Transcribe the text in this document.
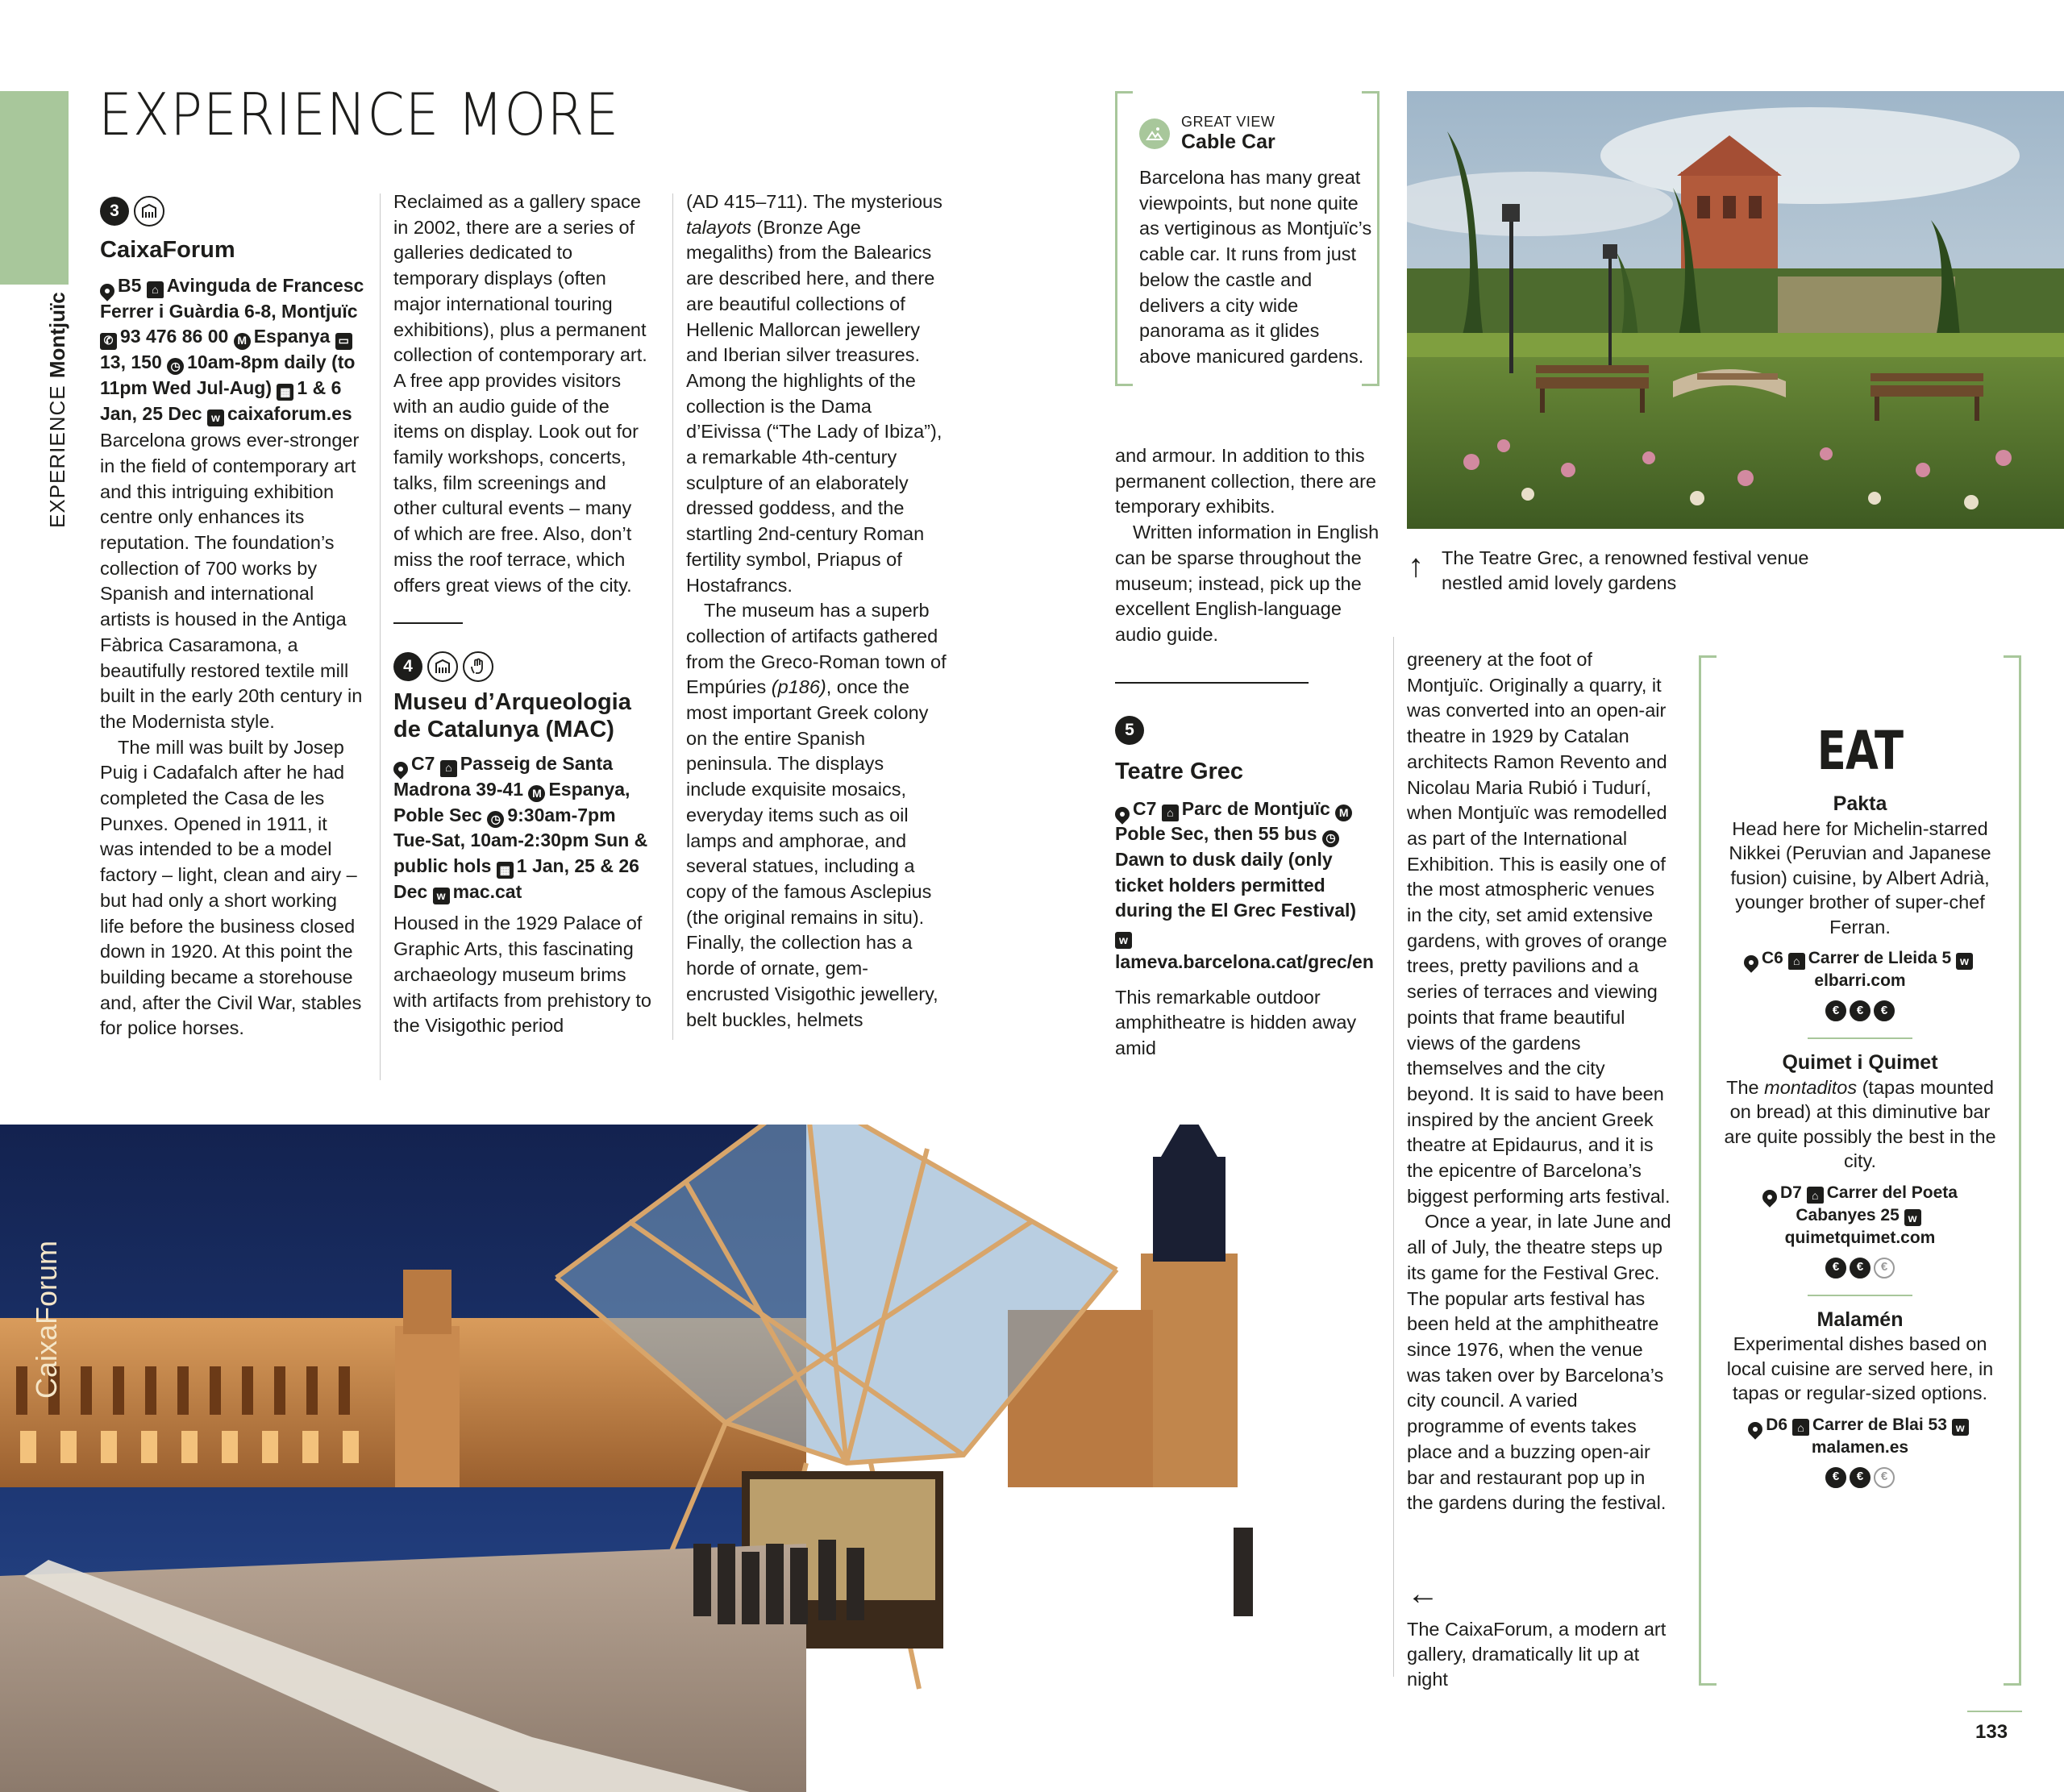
EXPERIENCE Montjuïc
EXPERIENCE MORE
3
CaixaForum
B5 ⌂ Avinguda de Francesc Ferrer i Guàrdia 6-8, Montjuïc ✆ 93 476 86 00 M Espanya ▭13, 150 ◷ 10am-8pm daily (to 11pm Wed Jul-Aug) ▦ 1 & 6 Jan, 25 Dec w caixaforum.es

Barcelona grows ever-stronger in the field of contemporary art and this intriguing exhibition centre only enhances its reputation. The foundation’s collection of 700 works by Spanish and international artists is housed in the Antiga Fàbrica Casaramona, a beautifully restored textile mill built in the early 20th century in the Modernista style.

The mill was built by Josep Puig i Cadafalch after he had completed the Casa de les Punxes. Opened in 1911, it was intended to be a model factory – light, clean and airy – but had only a short working life before the business closed down in 1920. At this point the building became a storehouse and, after the Civil War, stables for police horses.

Reclaimed as a gallery space in 2002, there are a series of galleries dedicated to temporary displays (often major international touring exhibitions), plus a permanent collection of contemporary art. A free app provides visitors with an audio guide of the items on display. Look out for family workshops, concerts, talks, film screenings and other cultural events – many of which are free. Also, don’t miss the roof terrace, which offers great views of the city.

4
Museu d’Arqueologia de Catalunya (MAC)
C7 ⌂ Passeig de Santa Madrona 39-41 M Espanya, Poble Sec ◷ 9:30am-7pm Tue-Sat, 10am-2:30pm Sun & public hols ▦ 1 Jan, 25 & 26 Dec w mac.cat

Housed in the 1929 Palace of Graphic Arts, this fascinating archaeology museum brims with artifacts from prehistory to the Visigothic period

(AD 415–711). The mysterious talayots (Bronze Age megaliths) from the Balearics are described here, and there are beautiful collections of Hellenic Mallorcan jewellery and Iberian silver treasures. Among the highlights of the collection is the Dama d’Eivissa (“The Lady of Ibiza”), a remarkable 4th-century sculpture of an elaborately dressed goddess, and the startling 2nd-century Roman fertility symbol, Priapus of Hostafrancs.

The museum has a superb collection of artifacts gathered from the Greco-Roman town of Empúries (p186), once the most important Greek colony on the entire Spanish peninsula. The displays include exquisite mosaics, everyday items such as oil lamps and amphorae, and several statues, including a copy of the famous Asclepius (the original remains in situ). Finally, the collection has a horde of ornate, gem-encrusted Visigothic jewellery, belt buckles, helmets

GREAT VIEW
Cable Car

Barcelona has many great viewpoints, but none quite as vertiginous as Montjuïc’s cable car. It runs from just below the castle and delivers a city wide panorama as it glides above manicured gardens.

and armour. In addition to this permanent collection, there are temporary exhibits.

Written information in English can be sparse throughout the museum; instead, pick up the excellent English-language audio guide.

5
Teatre Grec
C7 ⌂ Parc de Montjuïc MPoble Sec, then 55 bus ◷Dawn to dusk daily (only ticket holders permitted during the El Grec Festival) wlameva.barcelona.cat/grec/en

This remarkable outdoor amphitheatre is hidden away amid

↑ The Teatre Grec, a renowned festival venue nestled amid lovely gardens

greenery at the foot of Montjuïc. Originally a quarry, it was converted into an open-air theatre in 1929 by Catalan architects Ramon Revento and Nicolau Maria Rubió i Tudurí, when Montjuïc was remodelled as part of the International Exhibition. This is easily one of the most atmospheric venues in the city, set amid extensive gardens, with groves of orange trees, pretty pavilions and a series of terraces and viewing points that frame beautiful views of the gardens themselves and the city beyond. It is said to have been inspired by the ancient Greek theatre at Epidaurus, and it is the epicentre of Barcelona’s biggest performing arts festival.

Once a year, in late June and all of July, the theatre steps up its game for the Festival Grec. The popular arts festival has been held at the amphitheatre since 1976, when the venue was taken over by Barcelona’s city council. A varied programme of events takes place and a buzzing open-air bar and restaurant pop up in the gardens during the festival.

←
The CaixaForum, a modern art gallery, dramatically lit up at night
EAT
Pakta
Head here for Michelin-starred Nikkei (Peruvian and Japanese fusion) cuisine, by Albert Adrià, younger brother of super-chef Ferran.
C6 ⌂ Carrer de Lleida 5 welbarri.com
€	€	€
Quimet i Quimet
The montaditos (tapas mounted on bread) at this diminutive bar are quite possibly the best in the city.
D7 ⌂ Carrer del Poeta Cabanyes 25 wquimetquimet.com
€	€	€
Malamén
Experimental dishes based on local cuisine are served here, in tapas or regular-sized options.
D6 ⌂ Carrer de Blai 53 wmalamen.es
€	€	€
CaixaForum
133
